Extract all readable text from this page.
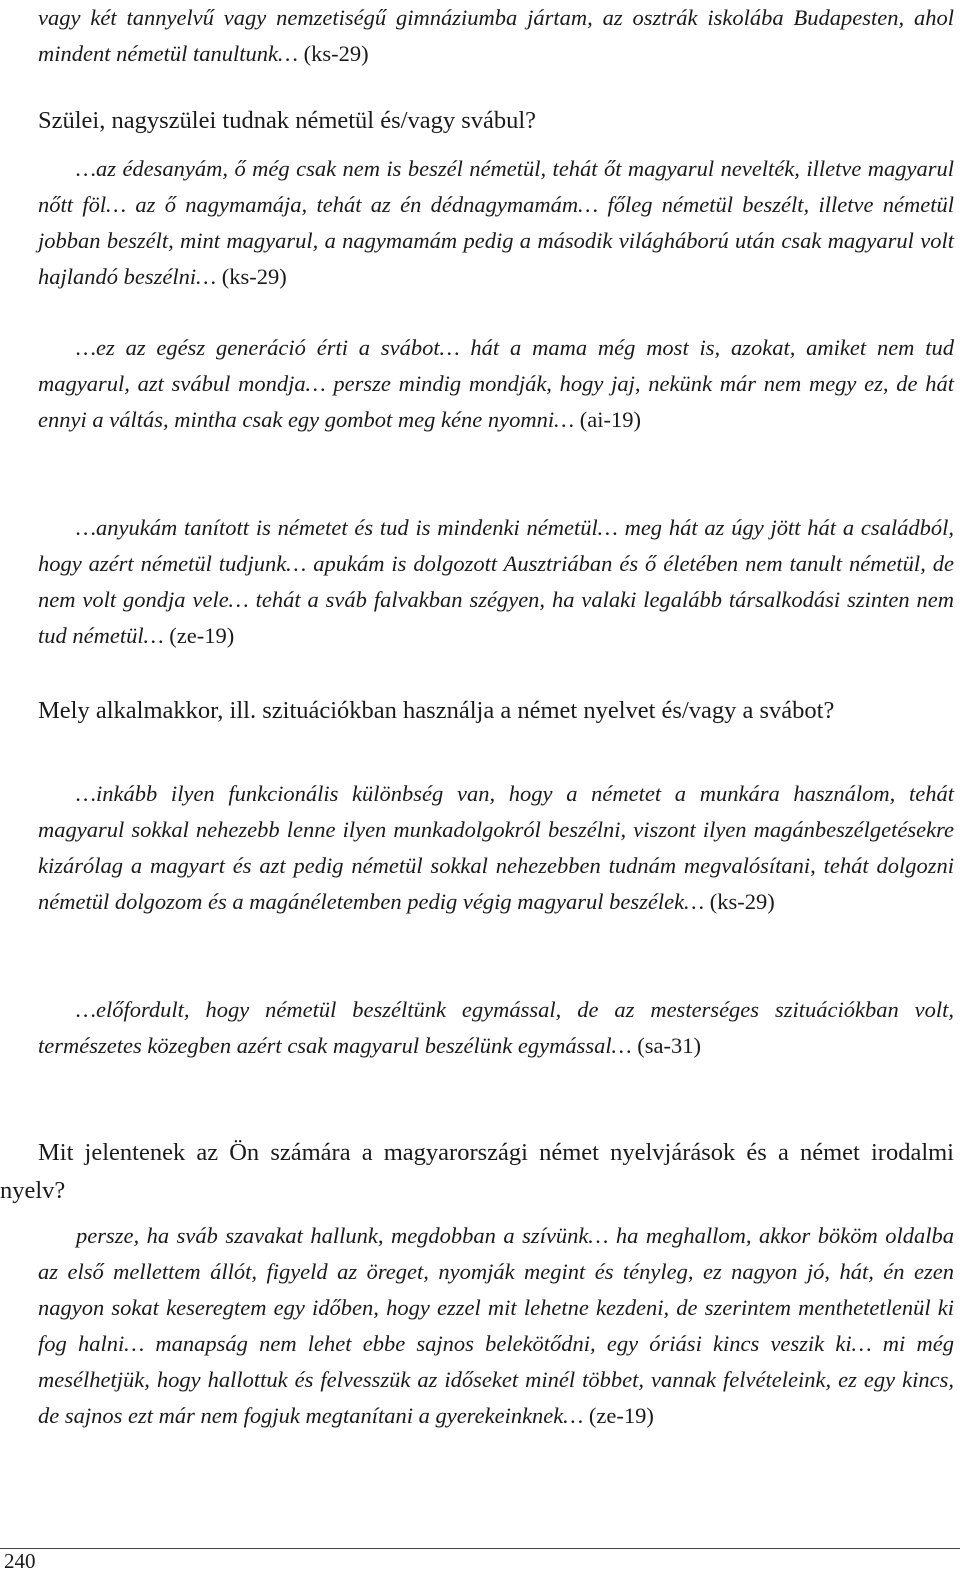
vagy két tannyelvű vagy nemzetiségű gimnáziumba jártam, az osztrák iskolába Budapesten, ahol mindent németül tanultunk… (ks-29)

Szülei, nagyszülei tudnak németül és/vagy svábul?

…az édesanyám, ő még csak nem is beszél németül, tehát őt magyarul nevelték, illetve magyarul nőtt föl… az ő nagymamája, tehát az én dédnagymamám… főleg németül beszélt, illetve németül jobban beszélt, mint magyarul, a nagymamám pedig a második világháború után csak magyarul volt hajlandó beszélni… (ks-29)

…ez az egész generáció érti a svábot… hát a mama még most is, azokat, amiket nem tud magyarul, azt svábul mondja… persze mindig mondják, hogy jaj, nekünk már nem megy ez, de hát ennyi a váltás, mintha csak egy gombot meg kéne nyomni… (ai-19)

…anyukám tanított is németet és tud is mindenki németül… meg hát az úgy jött hát a családból, hogy azért németül tudjunk… apukám is dolgozott Ausztriában és ő életében nem tanult németül, de nem volt gondja vele… tehát a sváb falvakban szégyen, ha valaki legalább társalkodási szinten nem tud németül… (ze-19)

Mely alkalmakkor, ill. szituációkban használja a német nyelvet és/vagy a svábot?

…inkább ilyen funkcionális különbség van, hogy a németet a munkára használom, tehát magyarul sokkal nehezebb lenne ilyen munkadolgokról beszélni, viszont ilyen magánbeszélgetésekre kizárólag a magyart és azt pedig németül sokkal nehezebben tudnám megvalósítani, tehát dolgozni németül dolgozom és a magánéletemben pedig végig magyarul beszélek… (ks-29)

…előfordult, hogy németül beszéltünk egymással, de az mesterséges szituációkban volt, természetes közegben azért csak magyarul beszélünk egymással… (sa-31)

Mit jelentenek az Ön számára a magyarországi német nyelvjárások és a német irodalmi nyelv?

persze, ha sváb szavakat hallunk, megdobban a szívünk… ha meghallom, akkor bököm oldalba az első mellettem állót, figyeld az öreget, nyomják megint és tényleg, ez nagyon jó, hát, én ezen nagyon sokat keseregtem egy időben, hogy ezzel mit lehetne kezdeni, de szerintem menthetetlenül ki fog halni… manapság nem lehet ebbe sajnos belekötődni, egy óriási kincs veszik ki… mi még mesélhetjük, hogy hallottuk és felvesszük az időseket minél többet, vannak felvételeink, ez egy kincs, de sajnos ezt már nem fogjuk megtanítani a gyerekeinknek… (ze-19)

240
